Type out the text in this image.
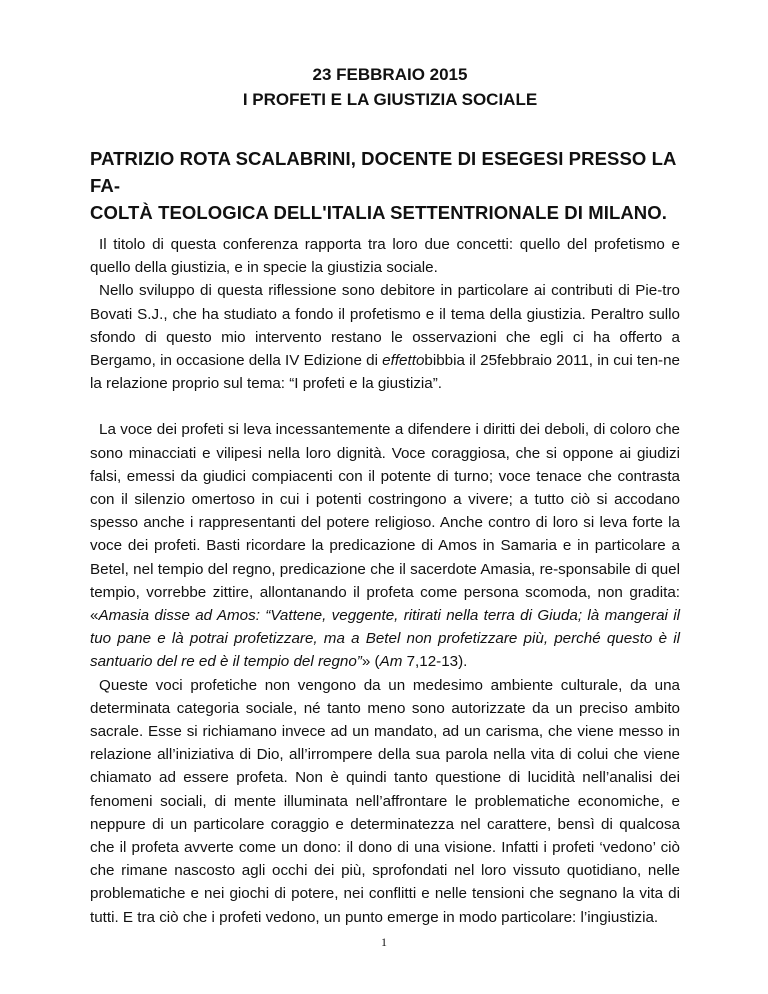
23 FEBBRAIO 2015
I PROFETI E LA GIUSTIZIA SOCIALE
PATRIZIO ROTA SCALABRINI, DOCENTE DI ESEGESI PRESSO LA FA-
COLTÀ TEOLOGICA DELL'ITALIA SETTENTRIONALE DI MILANO.

Il titolo di questa conferenza rapporta tra loro due concetti: quello del profetismo e quello della giustizia, e in specie la giustizia sociale.

Nello sviluppo di questa riflessione sono debitore in particolare ai contributi di Pie-tro Bovati S.J., che ha studiato a fondo il profetismo e il tema della giustizia. Peraltro sullo sfondo di questo mio intervento restano le osservazioni che egli ci ha offerto a Bergamo, in occasione della IV Edizione di effettobibbia il 25febbraio 2011, in cui ten-ne la relazione proprio sul tema: “I profeti e la giustizia”.

La voce dei profeti si leva incessantemente a difendere i diritti dei deboli, di coloro che sono minacciati e vilipesi nella loro dignità. Voce coraggiosa, che si oppone ai giudizi falsi, emessi da giudici compiacenti con il potente di turno; voce tenace che contrasta con il silenzio omertoso in cui i potenti costringono a vivere; a tutto ciò si accodano spesso anche i rappresentanti del potere religioso. Anche contro di loro si leva forte la voce dei profeti. Basti ricordare la predicazione di Amos in Samaria e in particolare a Betel, nel tempio del regno, predicazione che il sacerdote Amasia, re-sponsabile di quel tempio, vorrebbe zittire, allontanando il profeta come persona scomoda, non gradita: «Amasia disse ad Amos: “Vattene, veggente, ritirati nella terra di Giuda; là mangerai il tuo pane e là potrai profetizzare, ma a Betel non profetizzare più, perché questo è il santuario del re ed è il tempio del regno”» (Am 7,12-13).

Queste voci profetiche non vengono da un medesimo ambiente culturale, da una determinata categoria sociale, né tanto meno sono autorizzate da un preciso ambito sacrale. Esse si richiamano invece ad un mandato, ad un carisma, che viene messo in relazione all’iniziativa di Dio, all’irrompere della sua parola nella vita di colui che viene chiamato ad essere profeta. Non è quindi tanto questione di lucidità nell’analisi dei fenomeni sociali, di mente illuminata nell’affrontare le problematiche economiche, e neppure di un particolare coraggio e determinatezza nel carattere, bensì di qualcosa che il profeta avverte come un dono: il dono di una visione. Infatti i profeti ‘vedono’ ciò che rimane nascosto agli occhi dei più, sprofondati nel loro vissuto quotidiano, nelle problematiche e nei giochi di potere, nei conflitti e nelle tensioni che segnano la vita di tutti. E tra ciò che i profeti vedono, un punto emerge in modo particolare: l’ingiustizia.

1
